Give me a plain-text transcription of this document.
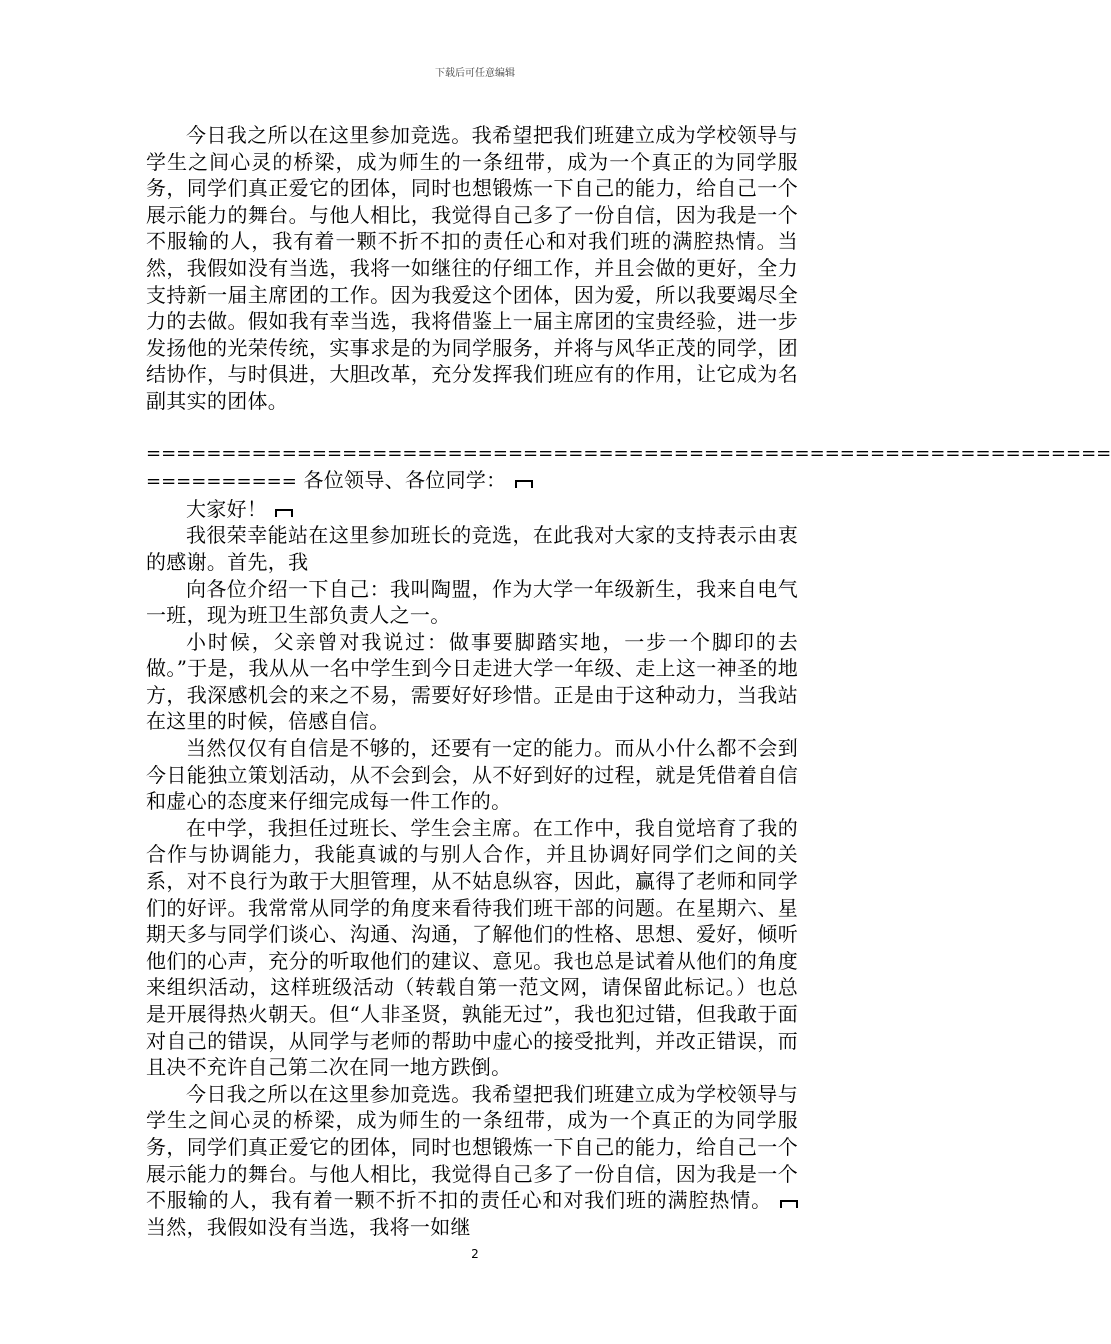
下载后可任意编辑

今日我之所以在这里参加竞选。我希望把我们班建立成为学校领导与学生之间心灵的桥梁，成为师生的一条纽带，成为一个真正的为同学服务，同学们真正爱它的团体，同时也想锻炼一下自己的能力，给自己一个展示能力的舞台。与他人相比，我觉得自己多了一份自信，因为我是一个不服输的人，我有着一颗不折不扣的责任心和对我们班的满腔热情。当然，我假如没有当选，我将一如继往的仔细工作，并且会做的更好，全力支持新一届主席团的工作。因为我爱这个团体，因为爱，所以我要竭尽全力的去做。假如我有幸当选，我将借鉴上一届主席团的宝贵经验，进一步发扬他的光荣传统，实事求是的为同学服务，并将与风华正茂的同学，团结协作，与时俱进，大胆改革，充分发挥我们班应有的作用，让它成为名副其实的团体。

================================================================

========== 各位领导、各位同学：

大家好！

我很荣幸能站在这里参加班长的竞选，在此我对大家的支持表示由衷的感谢。首先，我

向各位介绍一下自己：我叫陶盟，作为大学一年级新生，我来自电气一班，现为班卫生部负责人之一。

小时候，父亲曾对我说过：做事要脚踏实地，一步一个脚印的去做。”于是，我从从一名中学生到今日走进大学一年级、走上这一神圣的地方，我深感机会的来之不易，需要好好珍惜。正是由于这种动力，当我站在这里的时候，倍感自信。

当然仅仅有自信是不够的，还要有一定的能力。而从小什么都不会到今日能独立策划活动，从不会到会，从不好到好的过程，就是凭借着自信和虚心的态度来仔细完成每一件工作的。

在中学，我担任过班长、学生会主席。在工作中，我自觉培育了我的合作与协调能力，我能真诚的与别人合作，并且协调好同学们之间的关系，对不良行为敢于大胆管理，从不姑息纵容，因此，赢得了老师和同学们的好评。我常常从同学的角度来看待我们班干部的问题。在星期六、星期天多与同学们谈心、沟通、沟通，了解他们的性格、思想、爱好，倾听他们的心声，充分的听取他们的建议、意见。我也总是试着从他们的角度来组织活动，这样班级活动（转载自第一范文网，请保留此标记。）也总是开展得热火朝天。但“人非圣贤，孰能无过”，我也犯过错，但我敢于面对自己的错误，从同学与老师的帮助中虚心的接受批判，并改正错误，而且决不充许自己第二次在同一地方跌倒。

今日我之所以在这里参加竞选。我希望把我们班建立成为学校领导与学生之间心灵的桥梁，成为师生的一条纽带，成为一个真正的为同学服务，同学们真正爱它的团体，同时也想锻炼一下自己的能力，给自己一个展示能力的舞台。与他人相比，我觉得自己多了一份自信，因为我是一个不服输的人，我有着一颗不折不扣的责任心和对我们班的满腔热情。当然，我假如没有当选，我将一如继

2
